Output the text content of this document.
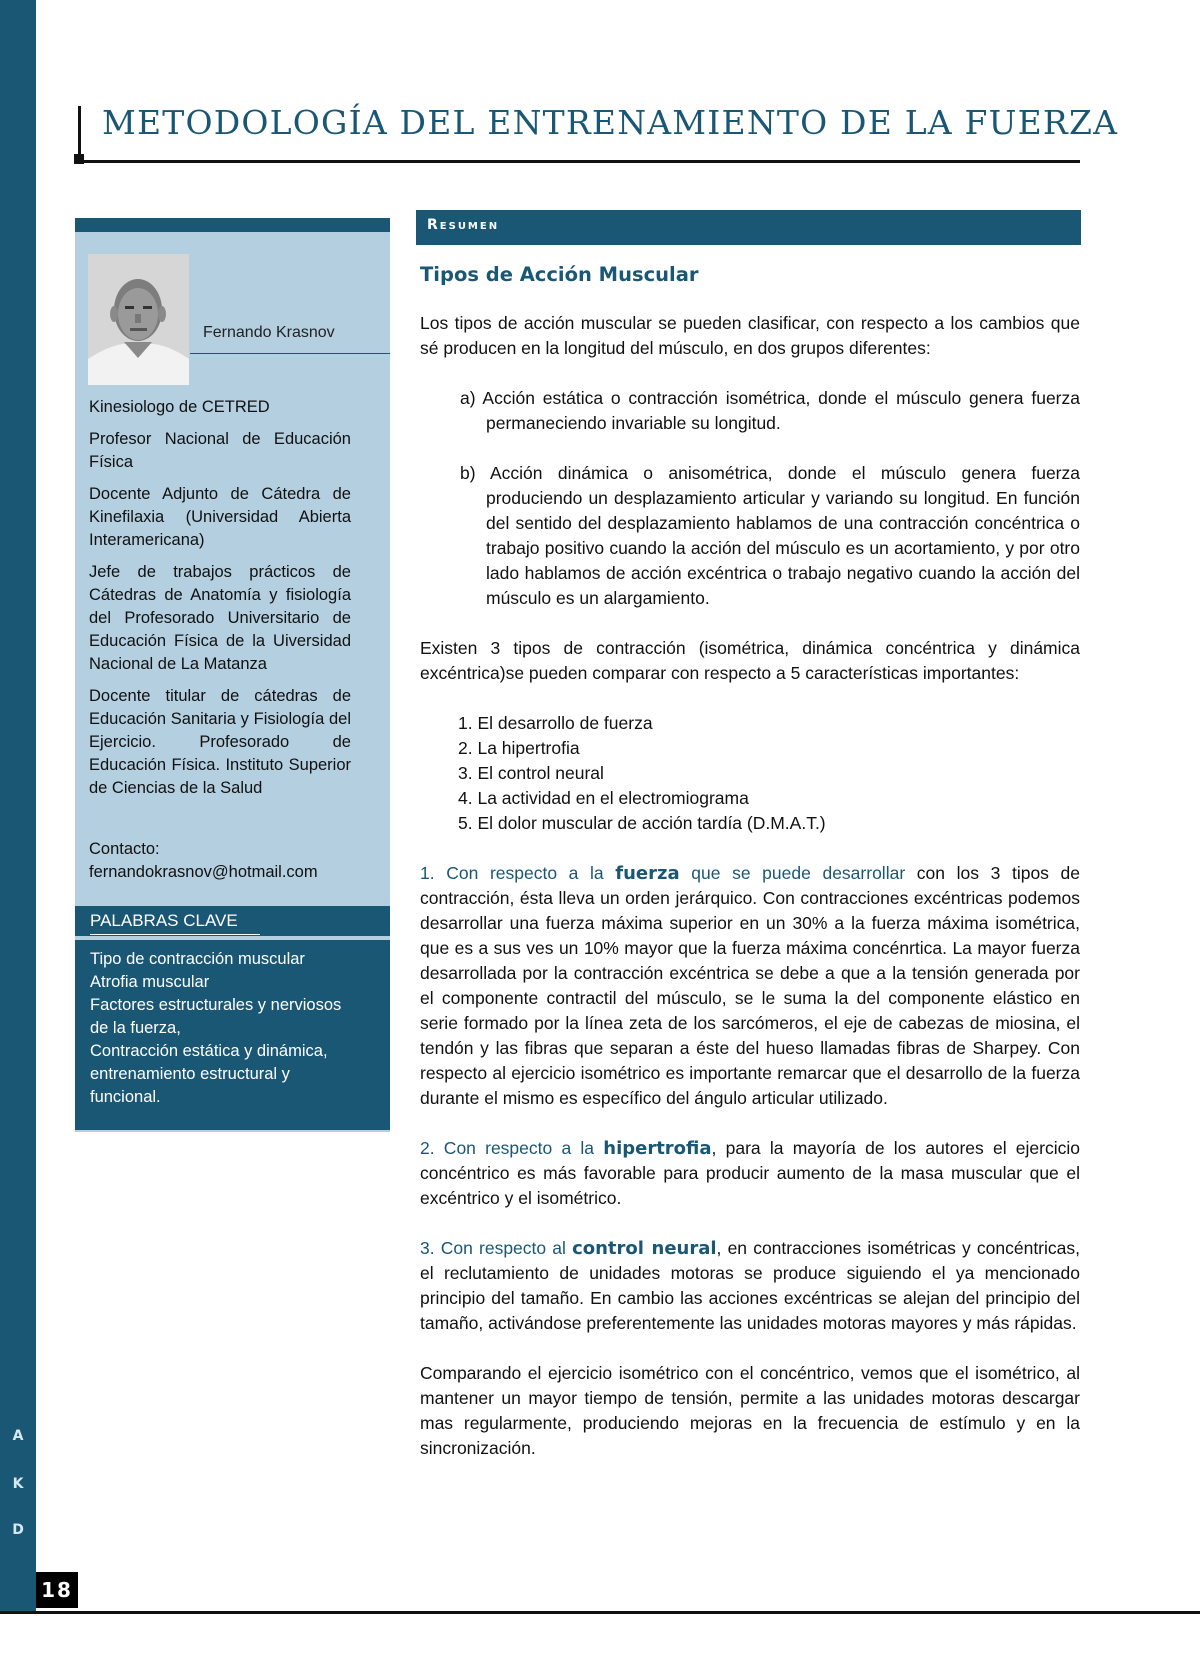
A
K
D
18
METODOLOGÍA DEL ENTRENAMIENTO DE LA FUERZA
Fernando Krasnov

Kinesiologo de CETRED

Profesor Nacional de Educación Física

Docente Adjunto de Cátedra de Kinefilaxia (Universidad Abierta Interamericana)

Jefe de trabajos prácticos de Cátedras de Anatomía y fisiología del Profesorado Universitario de Educación Física de la Uiversidad Nacional de La Matanza

Docente titular de cátedras de Educación Sanitaria y Fisiología del Ejercicio. Profesorado de Educación Física. Instituto Superior de Ciencias de la Salud

Contacto:
fernandokrasnov@hotmail.com
PALABRAS CLAVE
Tipo de contracción muscular
Atrofia muscular
Factores estructurales y nerviosos de la fuerza,
Contracción estática y dinámica, entrenamiento estructural y funcional.
Resumen
Tipos de Acción Muscular

Los tipos de acción muscular se pueden clasificar, con respecto a los cambios que sé producen en la longitud del músculo, en dos grupos diferentes:

a) Acción estática o contracción isométrica, donde el músculo genera fuerza permaneciendo invariable su longitud.

b) Acción dinámica o anisométrica, donde el músculo genera fuerza produciendo un desplazamiento articular y variando su longitud. En función del sentido del desplazamiento hablamos de una contracción concéntrica o trabajo positivo cuando la acción del músculo es un acortamiento, y por otro lado hablamos de acción excéntrica o trabajo negativo cuando la acción del músculo es un alargamiento.

Existen 3 tipos de contracción (isométrica, dinámica concéntrica y dinámica excéntrica)se pueden comparar con respecto a 5 características importantes:

1. El desarrollo de fuerza
2. La hipertrofia
3. El control neural
4. La actividad en el electromiograma
5. El dolor muscular de acción tardía (D.M.A.T.)

1. Con respecto a la fuerza que se puede desarrollar con los 3 tipos de contracción, ésta lleva un orden jerárquico. Con contracciones excéntricas podemos desarrollar una fuerza máxima superior en un 30% a la fuerza máxima isométrica, que es a sus ves un 10% mayor que la fuerza máxima concénrtica. La mayor fuerza desarrollada por la contracción excéntrica se debe a que a la tensión generada por el componente contractil del músculo, se le suma la del componente elástico en serie formado por la línea zeta de los sarcómeros, el eje de cabezas de miosina, el tendón y las fibras que separan a éste del hueso llamadas fibras de Sharpey. Con respecto al ejercicio isométrico es importante remarcar que el desarrollo de la fuerza durante el mismo es específico del ángulo articular utilizado.

2. Con respecto a la hipertrofia, para la mayoría de los autores el ejercicio concéntrico es más favorable para producir aumento de la masa muscular que el excéntrico y el isométrico.

3. Con respecto al control neural, en contracciones isométricas y concéntricas, el reclutamiento de unidades motoras se produce siguiendo el ya mencionado principio del tamaño. En cambio las acciones excéntricas se alejan del principio del tamaño, activándose preferentemente las unidades motoras mayores y más rápidas.

Comparando el ejercicio isométrico con el concéntrico, vemos que el isométrico, al mantener un mayor tiempo de tensión, permite a las unidades motoras descargar mas regularmente, produciendo mejoras en la frecuencia de estímulo y en la sincronización.
